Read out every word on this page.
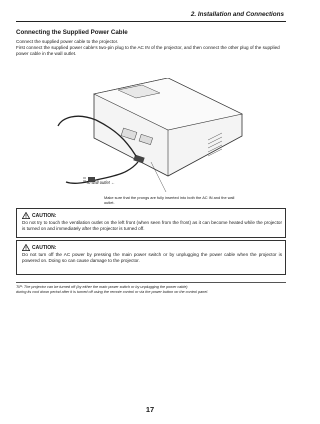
2. Installation and Connections
Connecting the Supplied Power Cable
Connect the supplied power cable to the projector.
First connect the supplied power cable’s two-pin plug to the AC IN of the projector, and then connect the other plug of the supplied power cable in the wall outlet.
To wall outlet ←
Make sure that the prongs are fully inserted into both the AC IN and the wall outlet.
CAUTION:
Do not try to touch the ventilation outlet on the left front (when seen from the front) as it can become heated while the projector is turned on and immediately after the projector is turned off.
CAUTION:
Do not turn off the AC power by pressing the main power switch or by unplugging the power cable when the projector is powered on. Doing so can cause damage to the projector.
TIP: The projector can be turned off (by either the main power switch or by unplugging the power cable)
during its cool down period after it is turned off using the remote control or via the power button on the control panel.
17
